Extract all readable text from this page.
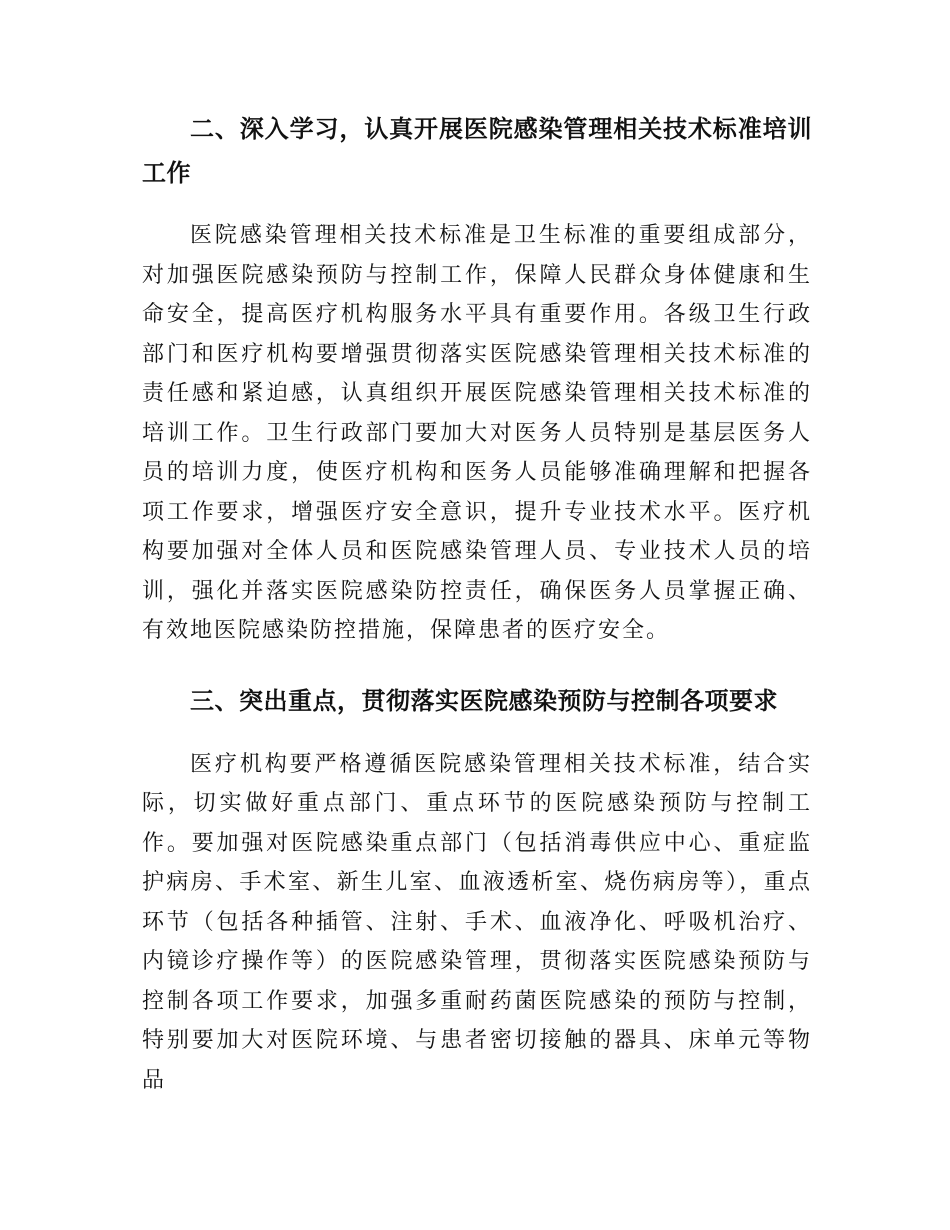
二、深入学习，认真开展医院感染管理相关技术标准培训工作

医院感染管理相关技术标准是卫生标准的重要组成部分，对加强医院感染预防与控制工作，保障人民群众身体健康和生命安全，提高医疗机构服务水平具有重要作用。各级卫生行政部门和医疗机构要增强贯彻落实医院感染管理相关技术标准的责任感和紧迫感，认真组织开展医院感染管理相关技术标准的培训工作。卫生行政部门要加大对医务人员特别是基层医务人员的培训力度，使医疗机构和医务人员能够准确理解和把握各项工作要求，增强医疗安全意识，提升专业技术水平。医疗机构要加强对全体人员和医院感染管理人员、专业技术人员的培训，强化并落实医院感染防控责任，确保医务人员掌握正确、有效地医院感染防控措施，保障患者的医疗安全。

三、突出重点，贯彻落实医院感染预防与控制各项要求

医疗机构要严格遵循医院感染管理相关技术标准，结合实际，切实做好重点部门、重点环节的医院感染预防与控制工作。要加强对医院感染重点部门（包括消毒供应中心、重症监护病房、手术室、新生儿室、血液透析室、烧伤病房等），重点环节（包括各种插管、注射、手术、血液净化、呼吸机治疗、内镜诊疗操作等）的医院感染管理，贯彻落实医院感染预防与控制各项工作要求，加强多重耐药菌医院感染的预防与控制，特别要加大对医院环境、与患者密切接触的器具、床单元等物品
